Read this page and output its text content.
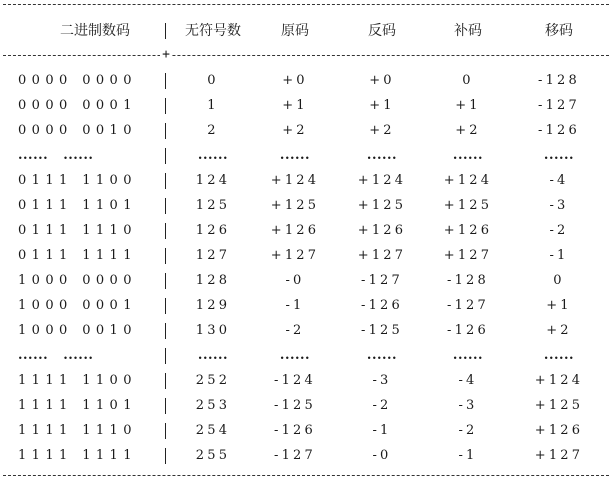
二进制数码	无符号数	原码	反码	补码	移码
+
0000 0000	0	+0	+0	0	-128
0000 0001	1	+1	+1	+1	-127
0000 0010	2	+2	+2	+2	-126
......   ......	......	......	......	......	......
0111 1100	124	+124	+124	+124	-4
0111 1101	125	+125	+125	+125	-3
0111 1110	126	+126	+126	+126	-2
0111 1111	127	+127	+127	+127	-1
1000 0000	128	-0	-127	-128	0
1000 0001	129	-1	-126	-127	+1
1000 0010	130	-2	-125	-126	+2
......   ......	......	......	......	......	......
1111 1100	252	-124	-3	-4	+124
1111 1101	253	-125	-2	-3	+125
1111 1110	254	-126	-1	-2	+126
1111 1111	255	-127	-0	-1	+127
